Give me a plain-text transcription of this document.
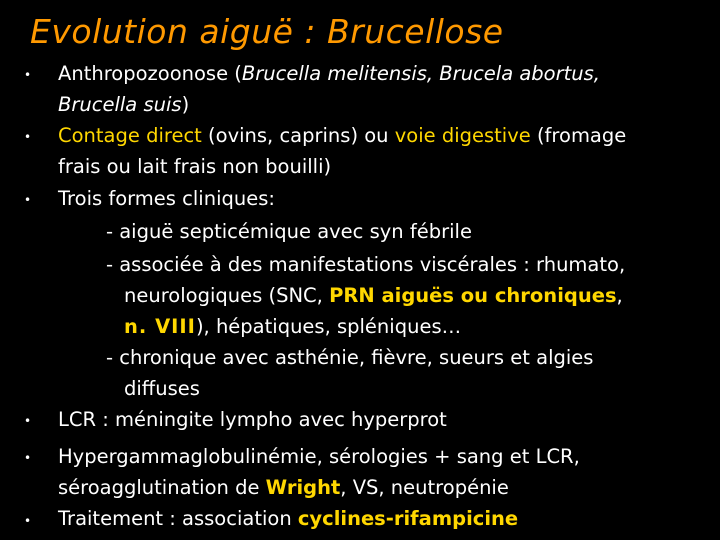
Evolution aiguë : Brucellose
• Anthropozoonose (Brucella melitensis, Brucela abortus,
Brucella suis)
• Contage direct (ovins, caprins) ou voie digestive (fromage
frais ou lait frais non bouilli)
• Trois formes cliniques:
- aiguë septicémique avec syn fébrile
- associée à des manifestations viscérales : rhumato,
neurologiques (SNC, PRN aiguës ou chroniques,
n. VIII), hépatiques, spléniques…
- chronique avec asthénie, fièvre, sueurs et algies
diffuses
• LCR : méningite lympho avec hyperprot
• Hypergammaglobulinémie, sérologies + sang et LCR,
séroagglutination de Wright, VS, neutropénie
• Traitement : association cyclines-rifampicine
